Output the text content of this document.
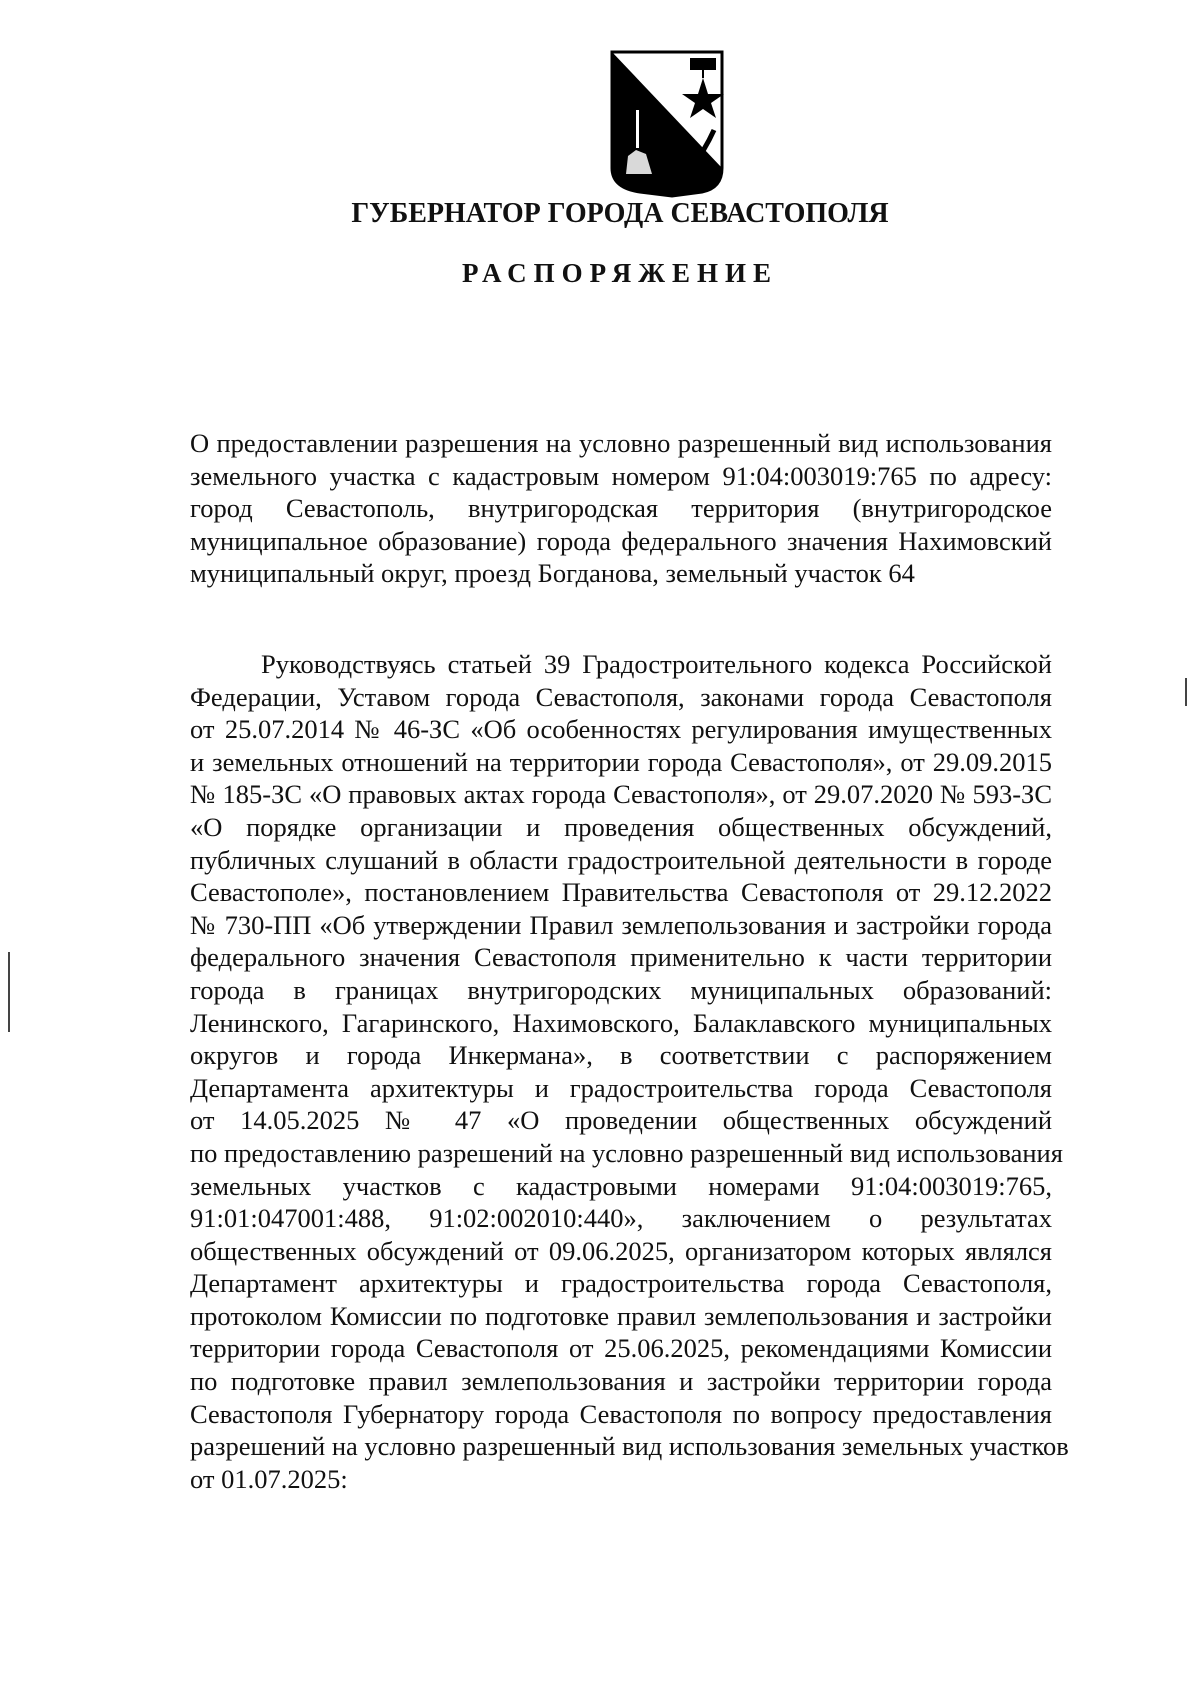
ГУБЕРНАТОР ГОРОДА СЕВАСТОПОЛЯ
РАСПОРЯЖЕНИЕ
О предоставлении разрешения на условно разрешенный вид использования
земельного участка с кадастровым номером 91:04:003019:765 по адресу:
город Севастополь, внутригородская территория (внутригородское
муниципальное образование) города федерального значения Нахимовский
муниципальный округ, проезд Богданова, земельный участок 64
Руководствуясь статьей 39 Градостроительного кодекса Российской
Федерации, Уставом города Севастополя, законами города Севастополя
от 25.07.2014 № 46-ЗС «Об особенностях регулирования имущественных
и земельных отношений на территории города Севастополя», от 29.09.2015
№ 185-ЗС «О правовых актах города Севастополя», от 29.07.2020 № 593-ЗС
«О порядке организации и проведения общественных обсуждений,
публичных слушаний в области градостроительной деятельности в городе
Севастополе», постановлением Правительства Севастополя от 29.12.2022
№ 730-ПП «Об утверждении Правил землепользования и застройки города
федерального значения Севастополя применительно к части территории
города в границах внутригородских муниципальных образований:
Ленинского, Гагаринского, Нахимовского, Балаклавского муниципальных
округов и города Инкермана», в соответствии с распоряжением
Департамента архитектуры и градостроительства города Севастополя
от 14.05.2025 № 47 «О проведении общественных обсуждений
по предоставлению разрешений на условно разрешенный вид использования
земельных участков с кадастровыми номерами 91:04:003019:765,
91:01:047001:488, 91:02:002010:440», заключением о результатах
общественных обсуждений от 09.06.2025, организатором которых являлся
Департамент архитектуры и градостроительства города Севастополя,
протоколом Комиссии по подготовке правил землепользования и застройки
территории города Севастополя от 25.06.2025, рекомендациями Комиссии
по подготовке правил землепользования и застройки территории города
Севастополя Губернатору города Севастополя по вопросу предоставления
разрешений на условно разрешенный вид использования земельных участков
от 01.07.2025:
